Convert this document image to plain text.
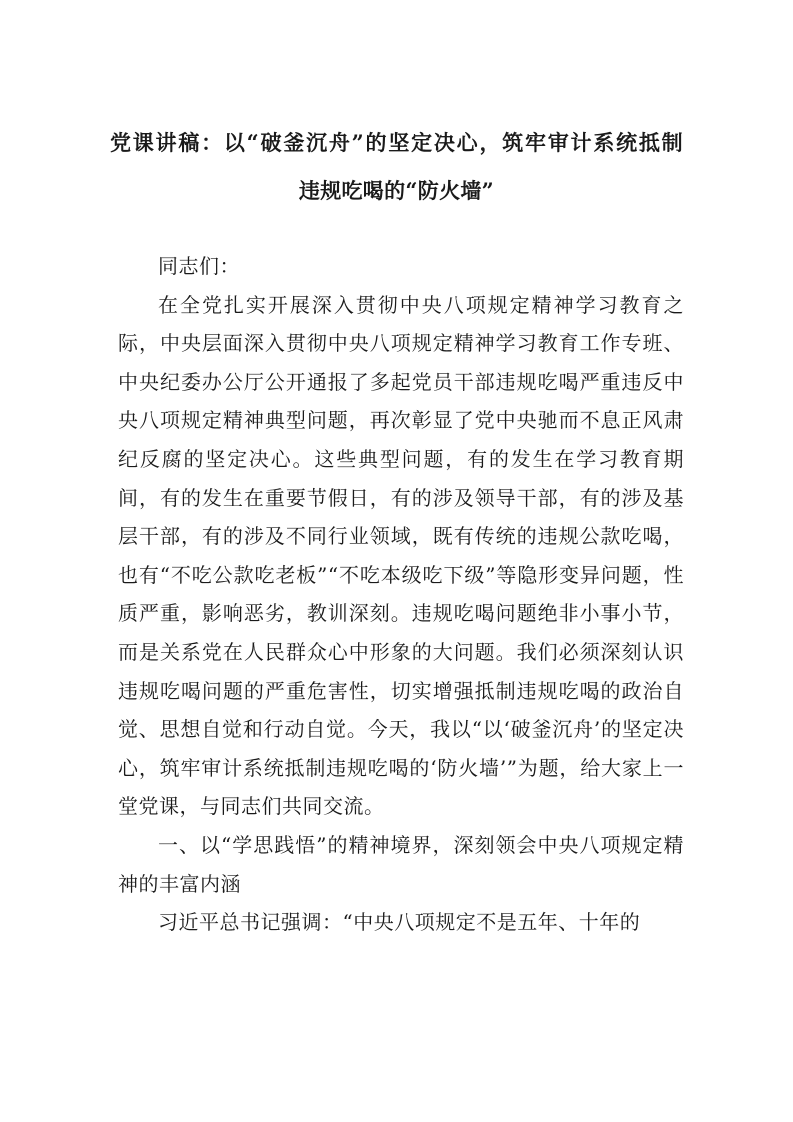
党课讲稿：以“破釜沉舟”的坚定决心，筑牢审计系统抵制
违规吃喝的“防火墙”

同志们：

在全党扎实开展深入贯彻中央八项规定精神学习教育之际，中央层面深入贯彻中央八项规定精神学习教育工作专班、中央纪委办公厅公开通报了多起党员干部违规吃喝严重违反中央八项规定精神典型问题，再次彰显了党中央驰而不息正风肃纪反腐的坚定决心。这些典型问题，有的发生在学习教育期间，有的发生在重要节假日，有的涉及领导干部，有的涉及基层干部，有的涉及不同行业领域，既有传统的违规公款吃喝，也有“不吃公款吃老板”“不吃本级吃下级”等隐形变异问题，性质严重，影响恶劣，教训深刻。违规吃喝问题绝非小事小节，而是关系党在人民群众心中形象的大问题。我们必须深刻认识违规吃喝问题的严重危害性，切实增强抵制违规吃喝的政治自觉、思想自觉和行动自觉。今天，我以“以‘破釜沉舟’的坚定决心，筑牢审计系统抵制违规吃喝的‘防火墙’”为题，给大家上一堂党课，与同志们共同交流。

一、以“学思践悟”的精神境界，深刻领会中央八项规定精神的丰富内涵

习近平总书记强调：“中央八项规定不是五年、十年的
